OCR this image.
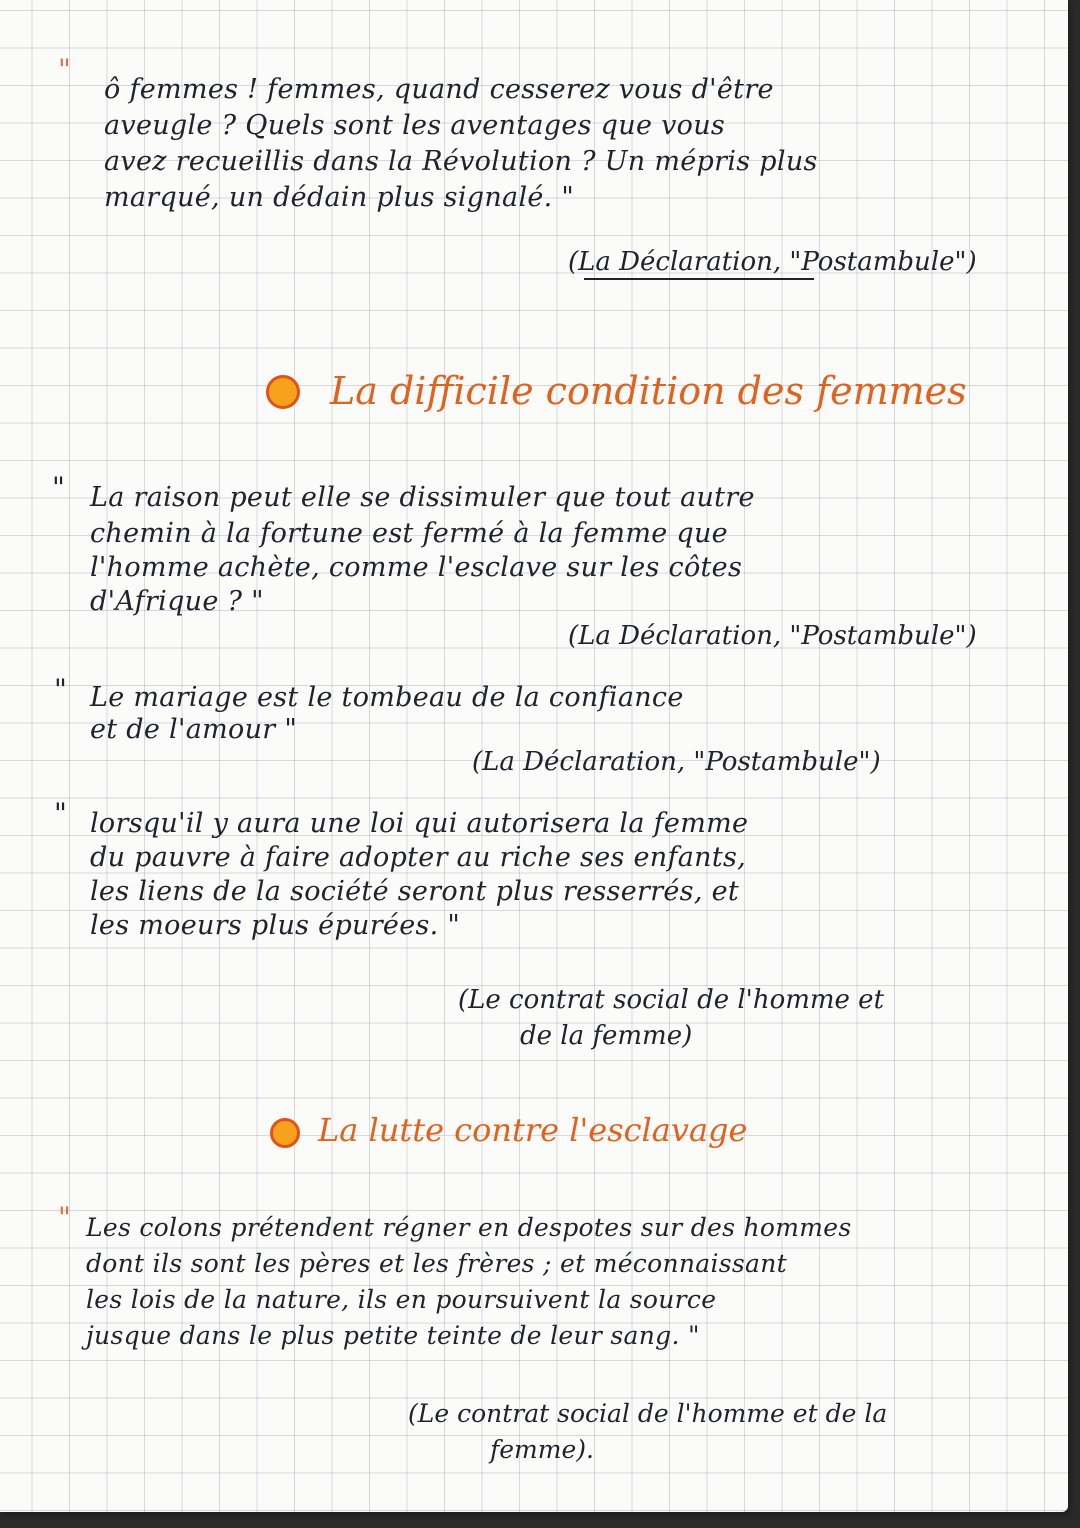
"
ô femmes ! femmes, quand cesserez vous d'être
aveugle ? Quels sont les aventages que vous
avez recueillis dans la Révolution ? Un mépris plus
marqué, un dédain plus signalé. "
(La Déclaration, "Postambule")
La difficile condition des femmes
" La raison peut elle se dissimuler que tout autre
chemin à la fortune est fermé à la femme que
l'homme achète, comme l'esclave sur les côtes
d'Afrique ? "
(La Déclaration, "Postambule")
" Le mariage est le tombeau de la confiance
et de l'amour "
(La Déclaration, "Postambule")
" lorsqu'il y aura une loi qui autorisera la femme
du pauvre à faire adopter au riche ses enfants,
les liens de la société seront plus resserrés, et
les moeurs plus épurées. "
(Le contrat social de l'homme et
de la femme)
La lutte contre l'esclavage
" Les colons prétendent régner en despotes sur des hommes
dont ils sont les pères et les frères ; et méconnaissant
les lois de la nature, ils en poursuivent la source
jusque dans le plus petite teinte de leur sang. "
(Le contrat social de l'homme et de la
femme).
